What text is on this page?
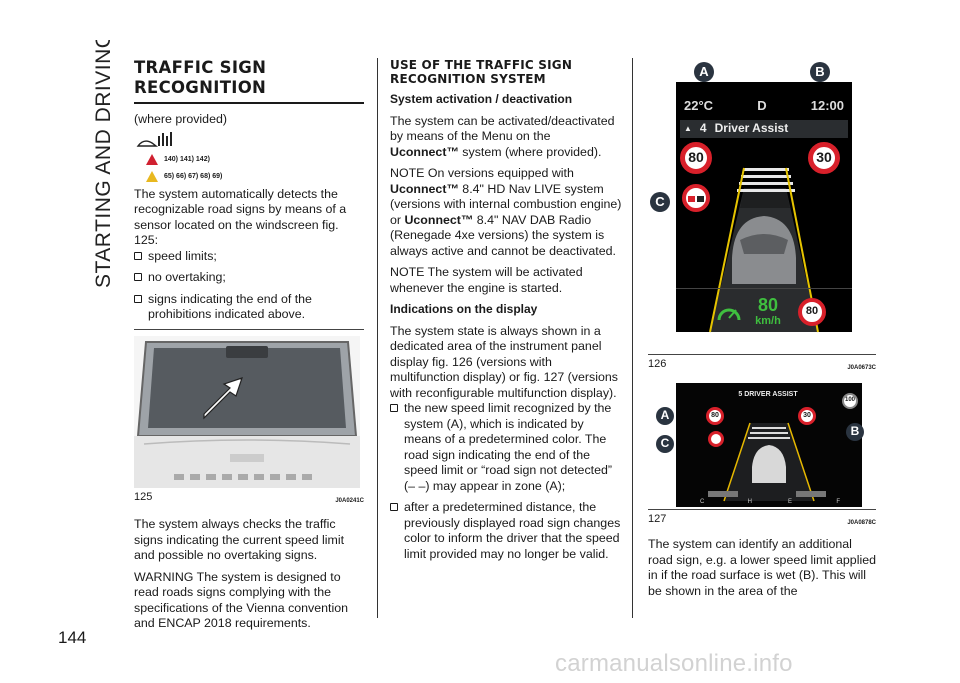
STARTING AND DRIVING
144
carmanualsonline.info
TRAFFIC SIGN
RECOGNITION

(where provided)

140) 141) 142)
65) 66) 67) 68) 69)

The system automatically detects the recognizable road signs by means of a sensor located on the windscreen fig. 125:

speed limits;

no overtaking;

signs indicating the end of the prohibitions indicated above.

125	J0A0241C

The system always checks the traffic signs indicating the current speed limit and possible no overtaking signs.

WARNING The system is designed to read roads signs complying with the specifications of the Vienna convention and ENCAP 2018 requirements.

USE OF THE TRAFFIC SIGN
RECOGNITION SYSTEM

System activation / deactivation

The system can be activated/deactivated by means of the Menu on the Uconnect™ system (where provided).

NOTE On versions equipped with Uconnect™ 8.4" HD Nav LIVE system (versions with internal combustion engine) or Uconnect™ 8.4" NAV DAB Radio (Renegade 4xe versions) the system is always active and cannot be deactivated.

NOTE The system will be activated whenever the engine is started.

Indications on the display

The system state is always shown in a dedicated area of the instrument panel display fig. 126 (versions with multifunction display) or fig. 127 (versions with reconfigurable multifunction display).

the new speed limit recognized by the system (A), which is indicated by means of a predetermined color. The road sign indicating the end of the speed limit or “road sign not detected” (– –) may appear in zone (A);

after a predetermined distance, the previously displayed road sign changes color to inform the driver that the speed limit provided may no longer be valid.

22°C	D	12:00
▲ 4 Driver Assist
80	30
80
km/h
80
A	B
C
126	J0A0673C
5 DRIVER ASSIST
80	30
100
A
B
C
C	H	E	F
127	J0A0878C

The system can identify an additional road sign, e.g. a lower speed limit applied in if the road surface is wet (B). This will be shown in the area of the
